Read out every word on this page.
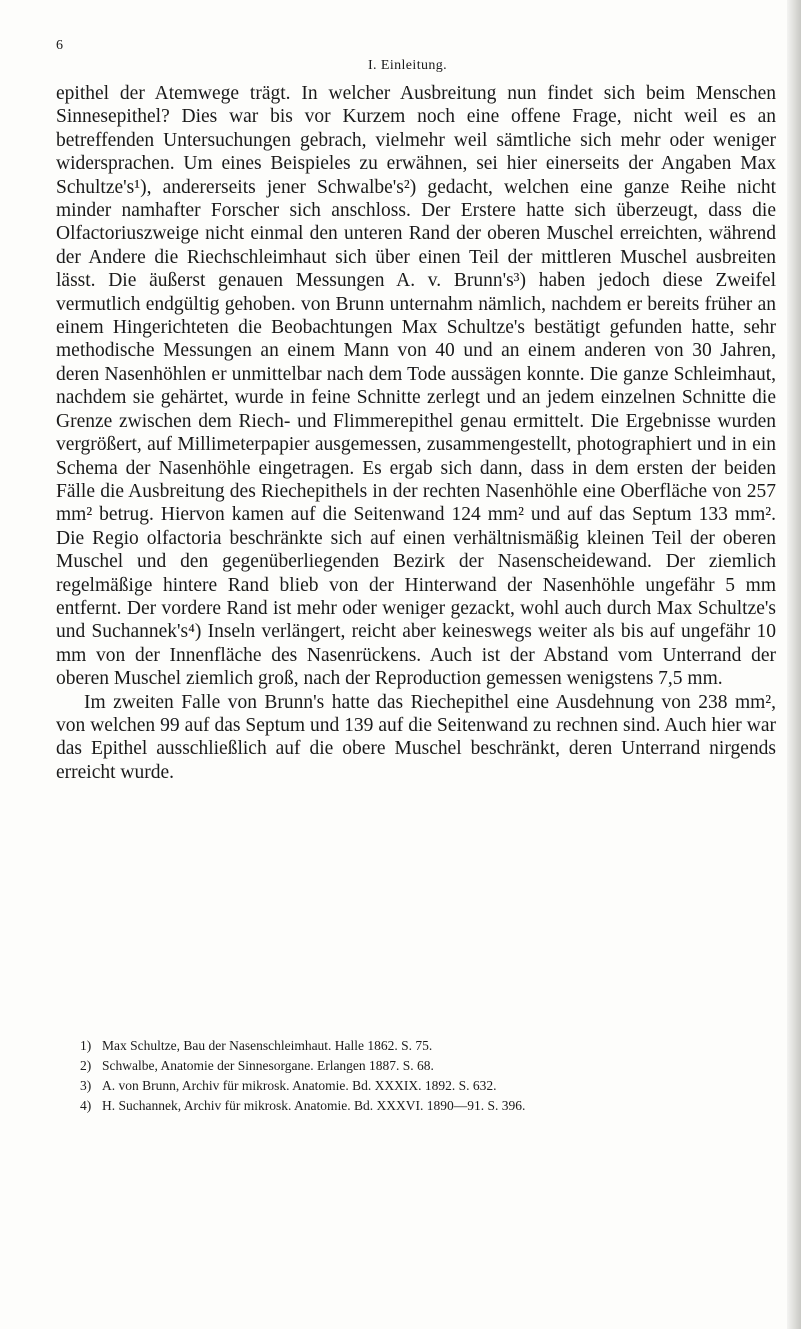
6
I. Einleitung.

epithel der Atemwege trägt. In welcher Ausbreitung nun findet sich beim Menschen Sinnesepithel? Dies war bis vor Kurzem noch eine offene Frage, nicht weil es an betreffenden Untersuchungen gebrach, vielmehr weil sämtliche sich mehr oder weniger widersprachen. Um eines Beispieles zu erwähnen, sei hier einerseits der Angaben Max Schultze's¹), andererseits jener Schwalbe's²) gedacht, welchen eine ganze Reihe nicht minder namhafter Forscher sich anschloss. Der Erstere hatte sich überzeugt, dass die Olfactoriuszweige nicht einmal den unteren Rand der oberen Muschel erreichten, während der Andere die Riechschleimhaut sich über einen Teil der mittleren Muschel ausbreiten lässt. Die äußerst genauen Messungen A. v. Brunn's³) haben jedoch diese Zweifel vermutlich endgültig gehoben. von Brunn unternahm nämlich, nachdem er bereits früher an einem Hingerichteten die Beobachtungen Max Schultze's bestätigt gefunden hatte, sehr methodische Messungen an einem Mann von 40 und an einem anderen von 30 Jahren, deren Nasenhöhlen er unmittelbar nach dem Tode aussägen konnte. Die ganze Schleimhaut, nachdem sie gehärtet, wurde in feine Schnitte zerlegt und an jedem einzelnen Schnitte die Grenze zwischen dem Riech- und Flimmerepithel genau ermittelt. Die Ergebnisse wurden vergrößert, auf Millimeterpapier ausgemessen, zusammengestellt, photographiert und in ein Schema der Nasenhöhle eingetragen. Es ergab sich dann, dass in dem ersten der beiden Fälle die Ausbreitung des Riechepithels in der rechten Nasenhöhle eine Oberfläche von 257 mm² betrug. Hiervon kamen auf die Seitenwand 124 mm² und auf das Septum 133 mm². Die Regio olfactoria beschränkte sich auf einen verhältnismäßig kleinen Teil der oberen Muschel und den gegenüberliegenden Bezirk der Nasenscheidewand. Der ziemlich regelmäßige hintere Rand blieb von der Hinterwand der Nasenhöhle ungefähr 5 mm entfernt. Der vordere Rand ist mehr oder weniger gezackt, wohl auch durch Max Schultze's und Suchannek's⁴) Inseln verlängert, reicht aber keineswegs weiter als bis auf ungefähr 10 mm von der Innenfläche des Nasenrückens. Auch ist der Abstand vom Unterrand der oberen Muschel ziemlich groß, nach der Reproduction gemessen wenigstens 7,5 mm.

Im zweiten Falle von Brunn's hatte das Riechepithel eine Ausdehnung von 238 mm², von welchen 99 auf das Septum und 139 auf die Seitenwand zu rechnen sind. Auch hier war das Epithel ausschließlich auf die obere Muschel beschränkt, deren Unterrand nirgends erreicht wurde.

1) Max Schultze, Bau der Nasenschleimhaut. Halle 1862. S. 75.
2) Schwalbe, Anatomie der Sinnesorgane. Erlangen 1887. S. 68.
3) A. von Brunn, Archiv für mikrosk. Anatomie. Bd. XXXIX. 1892. S. 632.
4) H. Suchannek, Archiv für mikrosk. Anatomie. Bd. XXXVI. 1890—91. S. 396.
